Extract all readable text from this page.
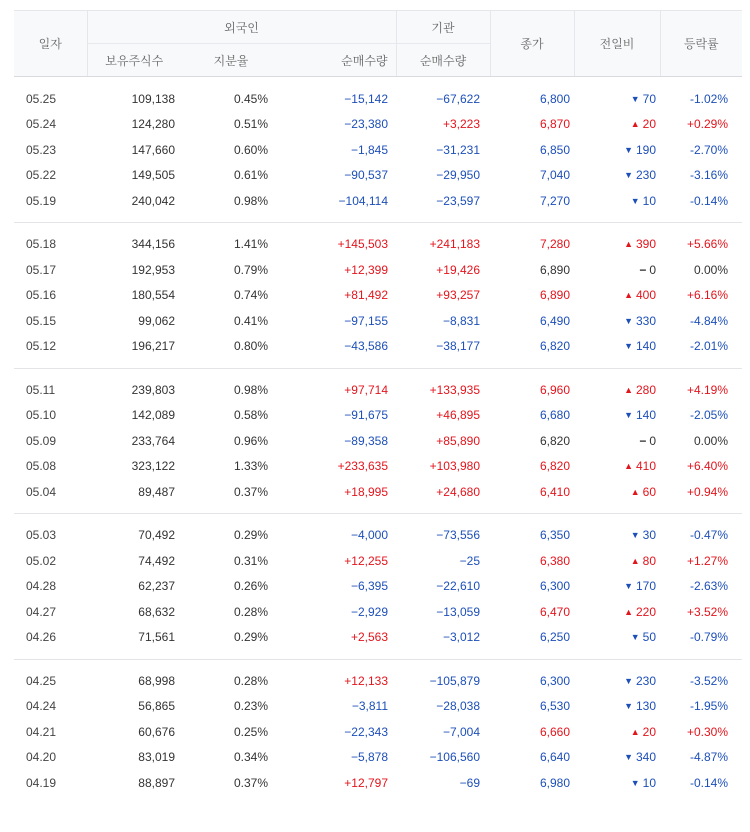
일자	외국인			기관	종가	전일비	등락률
	보유주식수	지분율	순매수량	순매수량			

05.25	109,138	0.45%	−15,142	−67,622	6,800	▼ 70	-1.02%
05.24	124,280	0.51%	−23,380	+3,223	6,870	▲ 20	+0.29%
05.23	147,660	0.60%	−1,845	−31,231	6,850	▼ 190	-2.70%
05.22	149,505	0.61%	−90,537	−29,950	7,040	▼ 230	-3.16%
05.19	240,042	0.98%	−104,114	−23,597	7,270	▼ 10	-0.14%

05.18	344,156	1.41%	+145,503	+241,183	7,280	▲ 390	+5.66%
05.17	192,953	0.79%	+12,399	+19,426	6,890	− 0	0.00%
05.16	180,554	0.74%	+81,492	+93,257	6,890	▲ 400	+6.16%
05.15	99,062	0.41%	−97,155	−8,831	6,490	▼ 330	-4.84%
05.12	196,217	0.80%	−43,586	−38,177	6,820	▼ 140	-2.01%

05.11	239,803	0.98%	+97,714	+133,935	6,960	▲ 280	+4.19%
05.10	142,089	0.58%	−91,675	+46,895	6,680	▼ 140	-2.05%
05.09	233,764	0.96%	−89,358	+85,890	6,820	− 0	0.00%
05.08	323,122	1.33%	+233,635	+103,980	6,820	▲ 410	+6.40%
05.04	89,487	0.37%	+18,995	+24,680	6,410	▲ 60	+0.94%

05.03	70,492	0.29%	−4,000	−73,556	6,350	▼ 30	-0.47%
05.02	74,492	0.31%	+12,255	−25	6,380	▲ 80	+1.27%
04.28	62,237	0.26%	−6,395	−22,610	6,300	▼ 170	-2.63%
04.27	68,632	0.28%	−2,929	−13,059	6,470	▲ 220	+3.52%
04.26	71,561	0.29%	+2,563	−3,012	6,250	▼ 50	-0.79%

04.25	68,998	0.28%	+12,133	−105,879	6,300	▼ 230	-3.52%
04.24	56,865	0.23%	−3,811	−28,038	6,530	▼ 130	-1.95%
04.21	60,676	0.25%	−22,343	−7,004	6,660	▲ 20	+0.30%
04.20	83,019	0.34%	−5,878	−106,560	6,640	▼ 340	-4.87%
04.19	88,897	0.37%	+12,797	−69	6,980	▼ 10	-0.14%
